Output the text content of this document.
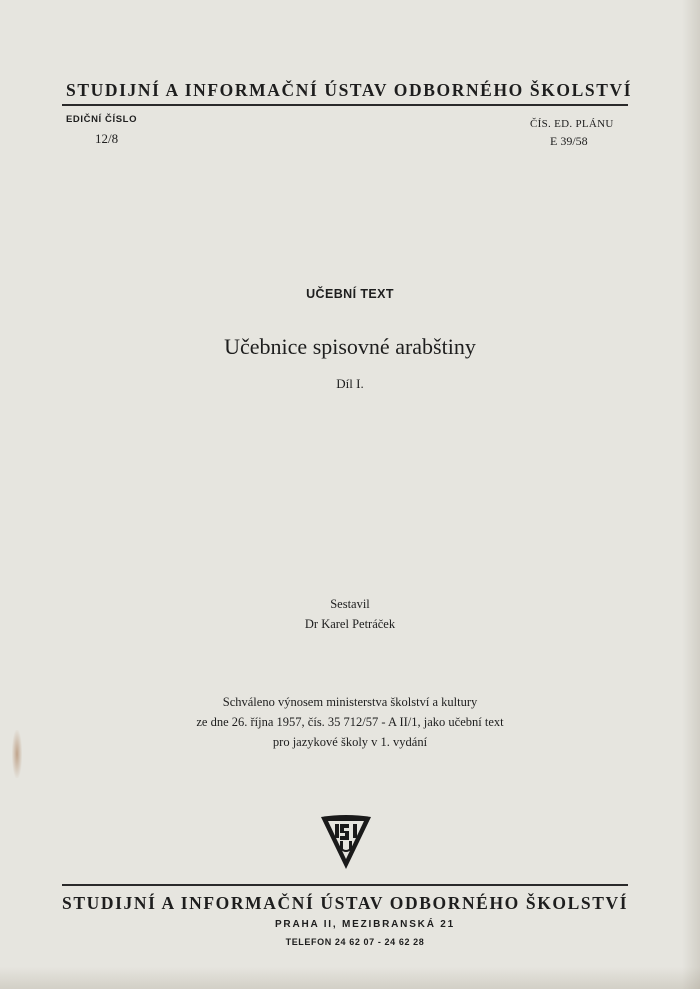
STUDIJNÍ A INFORMAČNÍ ÚSTAV ODBORNÉHO ŠKOLSTVÍ
EDIČNÍ ČÍSLO
12/8
ČÍS. ED. PLÁNU
E 39/58
UČEBNÍ TEXT
Učebnice spisovné arabštiny
Díl I.
Sestavil
Dr Karel Petráček
Schváleno výnosem ministerstva školství a kultury
ze dne 26. října 1957, čís. 35 712/57 - A II/1, jako učební text
pro jazykové školy v 1. vydání
STUDIJNÍ A INFORMAČNÍ ÚSTAV ODBORNÉHO ŠKOLSTVÍ
PRAHA II, MEZIBRANSKÁ 21
TELEFON 24 62 07 - 24 62 28
